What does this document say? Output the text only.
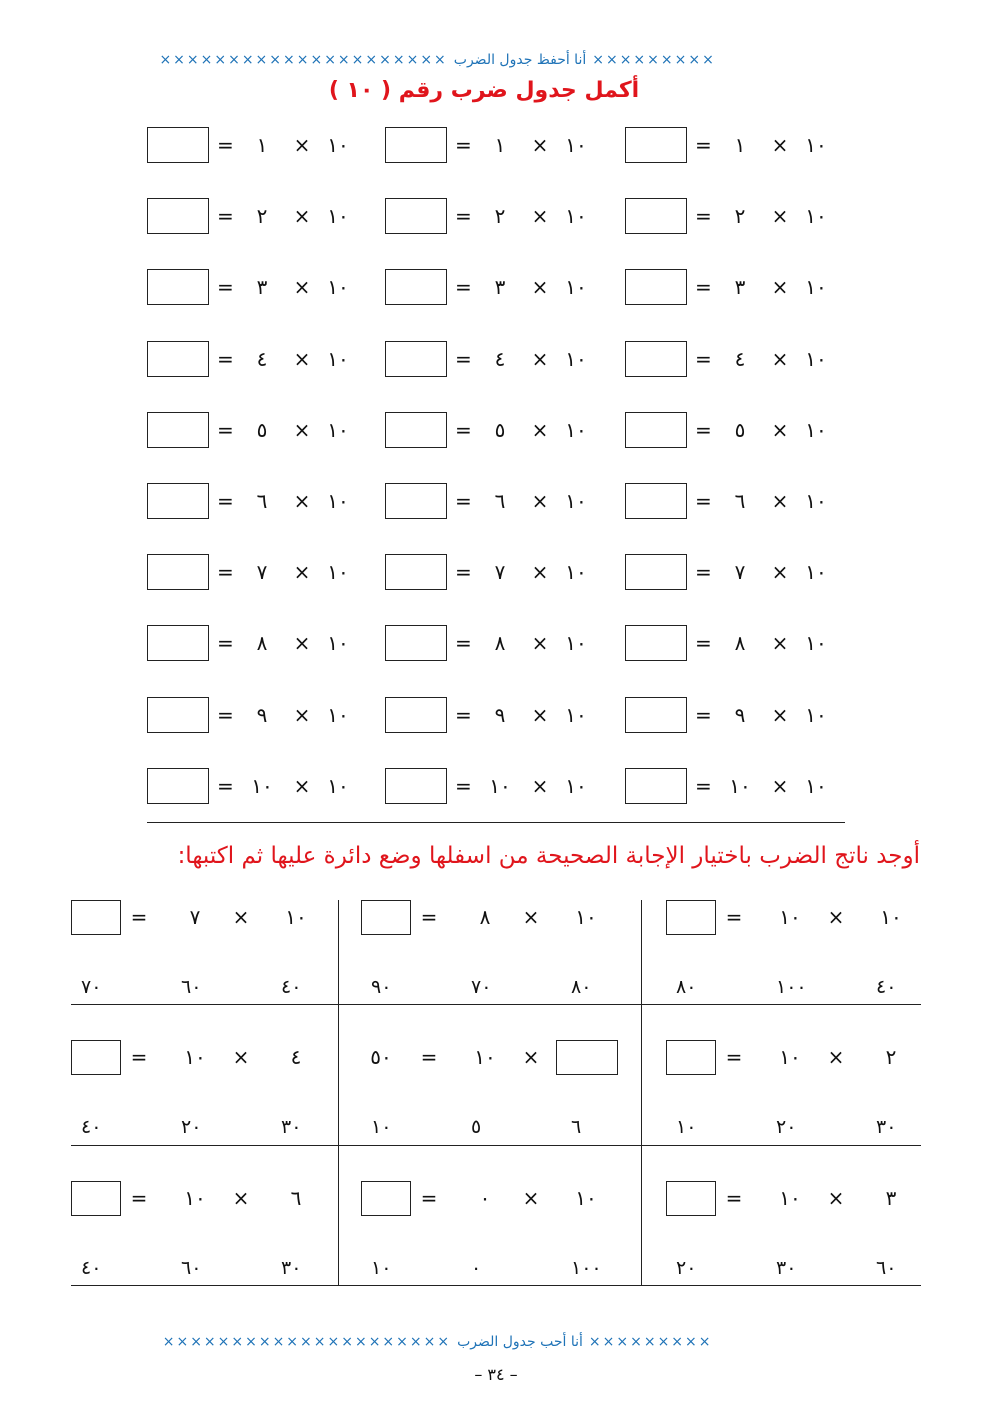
××××××××××××××××××××× أنا أحفظ جدول الضرب ×××××××××
أكمل جدول ضرب رقم ( ١٠ )
=	١	× ١٠	=	١	× ١٠	=	١	× ١٠
=	٢	× ١٠	=	٢	× ١٠	=	٢	× ١٠
=	٣	× ١٠	=	٣	× ١٠	=	٣	× ١٠
=	٤	× ١٠	=	٤	× ١٠	=	٤	× ١٠
=	٥	× ١٠	=	٥	× ١٠	=	٥	× ١٠
=	٦	× ١٠	=	٦	× ١٠	=	٦	× ١٠
=	٧	× ١٠	=	٧	× ١٠	=	٧	× ١٠
=	٨	× ١٠	=	٨	× ١٠	=	٨	× ١٠
=	٩	× ١٠	=	٩	× ١٠	=	٩	× ١٠
= ١٠	× ١٠	= ١٠	× ١٠	= ١٠	× ١٠
أوجد ناتج الضرب باختيار الإجابة الصحيحة من اسفلها وضع دائرة عليها ثم اكتبها:
=	١٠	×	١٠
٤٠
١٠٠
٨٠
=	٨	×	١٠
٨٠
٧٠
٩٠
=	٧	×	١٠
٤٠
٦٠
٧٠
=	١٠	×	٢
٣٠
٢٠
١٠
٥٠	=	١٠	×
٦
٥
١٠
=	١٠	×	٤
٣٠
٢٠
٤٠
=	١٠	×	٣
٦٠
٣٠
٢٠
=	٠	×	١٠
١٠٠
٠
١٠
=	١٠	×	٦
٣٠
٦٠
٤٠
××××××××××××××××××××× أنا أحب جدول الضرب ×××××××××
– ٣٤ –
